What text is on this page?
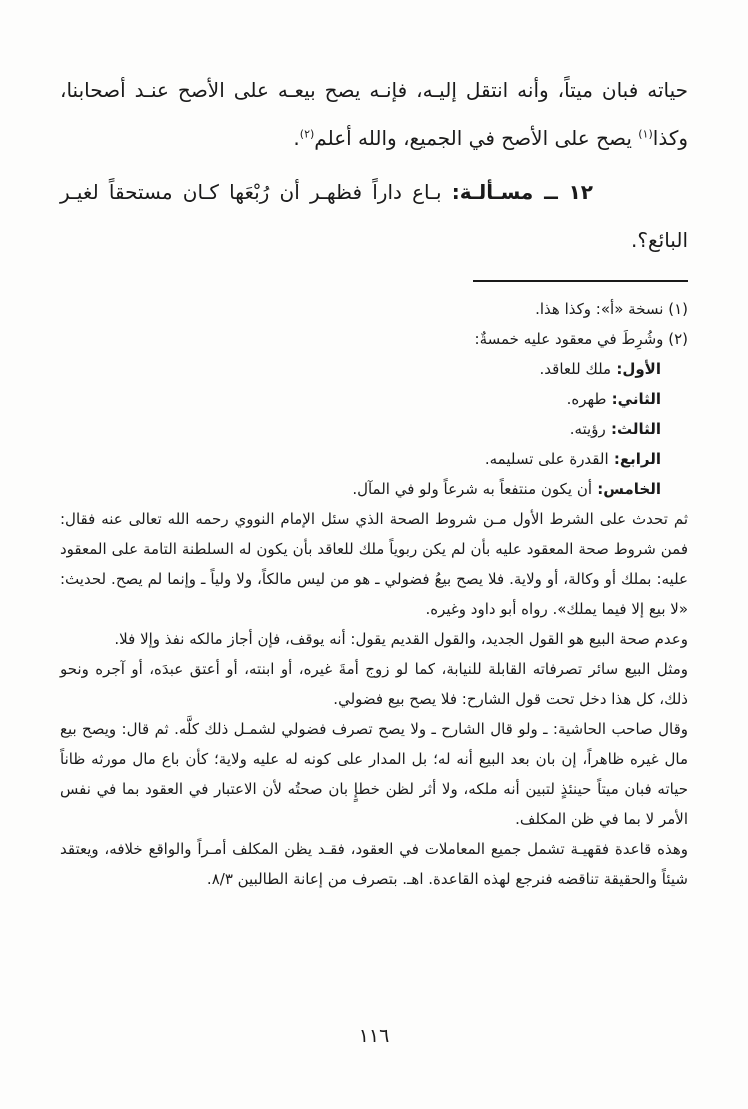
حياته فبان ميتاً، وأنه انتقل إليـه، فإنـه يصح بيعـه على الأصح عنـد أصحابنا، وكذا$^{(١)}$ يصح على الأصح في الجميع، والله أعلم$^{(٢)}$.

١٢ ــ مسـألـة: بـاع داراً فظهـر أن رُبْعَها كـان مستحقاً لغيـر البائع؟.

(١)نسخة «أ»: وكذا هذا.
(٢)وشُرِطَ في معقود عليه خمسةٌ:
الأول:ملك للعاقد.
الثاني:طهره.
الثالث:رؤيته.
الرابع:القدرة على تسليمه.
الخامس:أن يكون منتفعاً به شرعاً ولو في المآل.

ثم تحدث على الشرط الأول مـن شروط الصحة الذي سئل الإمام النووي رحمه الله تعالى عنه فقال: فمن شروط صحة المعقود عليه بأن لم يكن ربوياً ملك للعاقد بأن يكون له السلطنة التامة على المعقود عليه: بملك أو وكالة، أو ولاية. فلا يصح بيعُ فضولي ـ هو من ليس مالكاً، ولا ولياً ـ وإنما لم يصح. لحديث: «لا بيع إلا فيما يملك». رواه أبو داود وغيره.

وعدم صحة البيع هو القول الجديد، والقول القديم يقول: أنه يوقف، فإن أجاز مالكه نفذ وإلا فلا.

ومثل البيع سائر تصرفاته القابلة للنيابة، كما لو زوج أمةَ غيره، أو ابنته، أو أعتق عبدَه، أو آجره ونحو ذلك، كل هذا دخل تحت قول الشارح: فلا يصح بيع فضولي.

وقال صاحب الحاشية: ـ ولو قال الشارح ـ ولا يصح تصرف فضولي لشمـل ذلك كلَّه. ثم قال: ويصح بيع مال غيره ظاهراً، إن بان بعد البيع أنه له؛ بل المدار على كونه له عليه ولاية؛ كأن باع مال مورثه ظاناً حياته فبان ميتاً حينئذٍ لتبين أنه ملكه، ولا أثر لظن خطإٍ بان صحتُه لأن الاعتبار في العقود بما في نفس الأمر لا بما في ظن المكلف.

وهذه قاعدة فقهيـة تشمل جميع المعاملات في العقود، فقـد يظن المكلف أمـراً والواقع خلافه، ويعتقد شيئاً والحقيقة تناقضه فنرجع لهذه القاعدة. اهـ. بتصرف من إعانة الطالبين ٨/٣.

١١٦
